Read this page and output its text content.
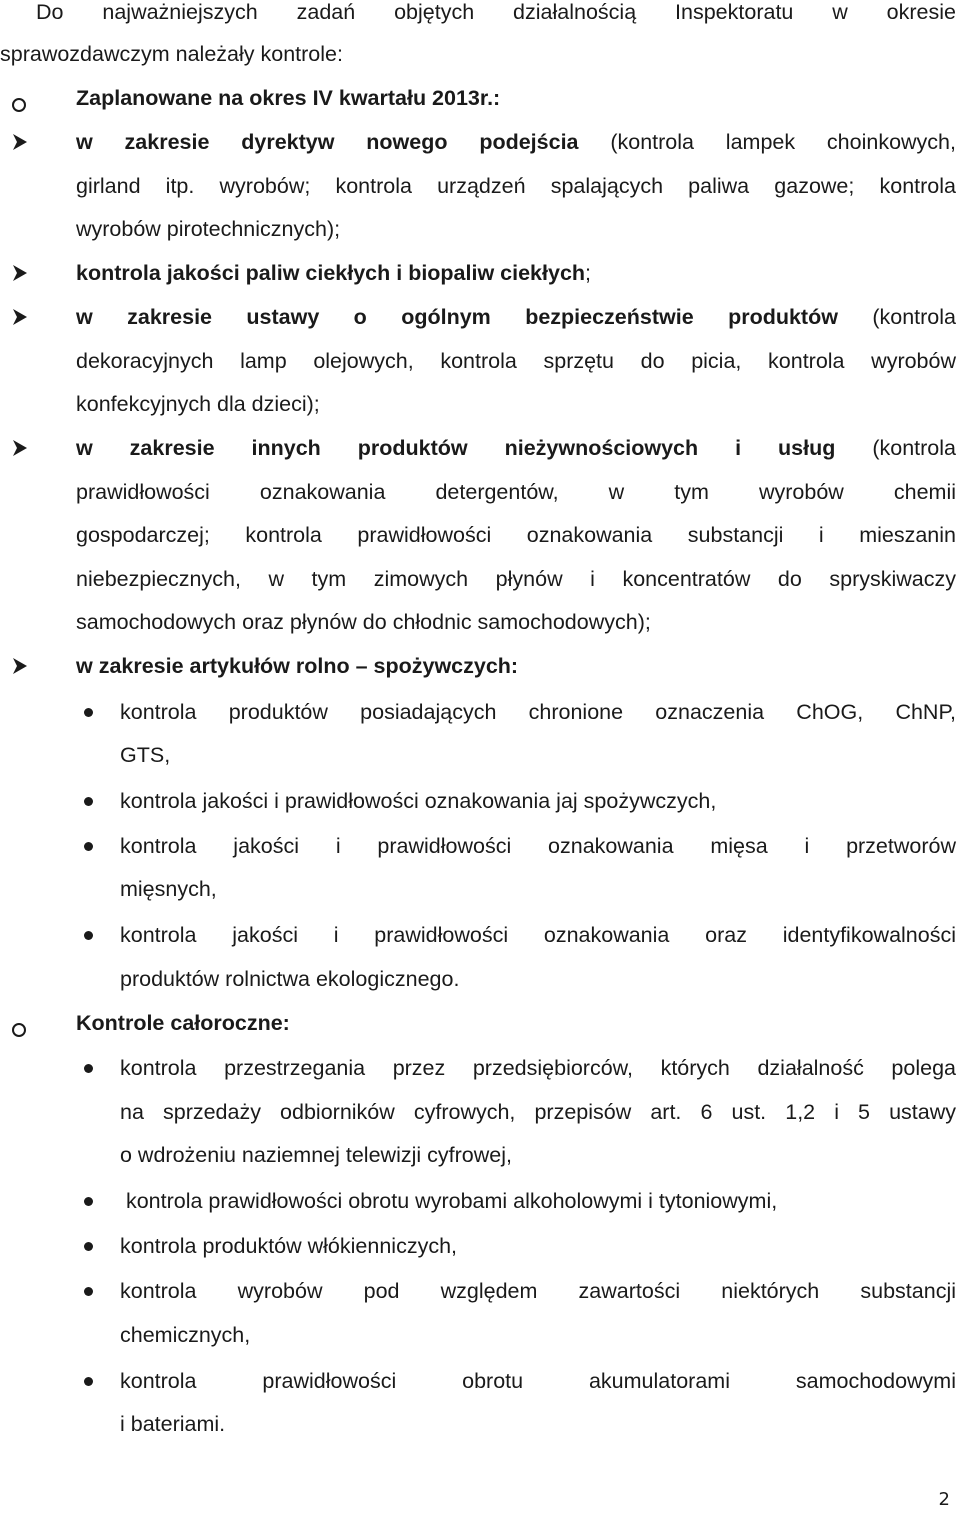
Do najważniejszych zadań objętych działalnością Inspektoratu w okresie
sprawozdawczym należały kontrole:
Zaplanowane na okres IV kwartału 2013r.:
w zakresie dyrektyw nowego podejścia (kontrola lampek choinkowych,
girland itp. wyrobów; kontrola urządzeń spalających paliwa gazowe; kontrola
wyrobów pirotechnicznych);
kontrola jakości paliw ciekłych i biopaliw ciekłych;
w zakresie ustawy o ogólnym bezpieczeństwie produktów (kontrola
dekoracyjnych lamp olejowych, kontrola sprzętu do picia, kontrola wyrobów
konfekcyjnych dla dzieci);
w zakresie innych produktów nieżywnościowych i usług (kontrola
prawidłowości oznakowania detergentów, w tym wyrobów chemii
gospodarczej; kontrola prawidłowości oznakowania substancji i mieszanin
niebezpiecznych, w tym zimowych płynów i koncentratów do spryskiwaczy
samochodowych oraz płynów do chłodnic samochodowych);
w zakresie artykułów rolno – spożywczych:
kontrola produktów posiadających chronione oznaczenia ChOG, ChNP,
GTS,
kontrola jakości i prawidłowości oznakowania jaj spożywczych,
kontrola jakości i prawidłowości oznakowania mięsa i przetworów
mięsnych,
kontrola jakości i prawidłowości oznakowania oraz identyfikowalności
produktów rolnictwa ekologicznego.
Kontrole całoroczne:
kontrola przestrzegania przez przedsiębiorców, których działalność polega
na sprzedaży odbiorników cyfrowych, przepisów art. 6 ust. 1,2 i 5 ustawy
o wdrożeniu naziemnej telewizji cyfrowej,
kontrola prawidłowości obrotu wyrobami alkoholowymi i tytoniowymi,
kontrola produktów włókienniczych,
kontrola wyrobów pod względem zawartości niektórych substancji
chemicznych,
kontrola prawidłowości obrotu akumulatorami samochodowymi
i bateriami.
2
